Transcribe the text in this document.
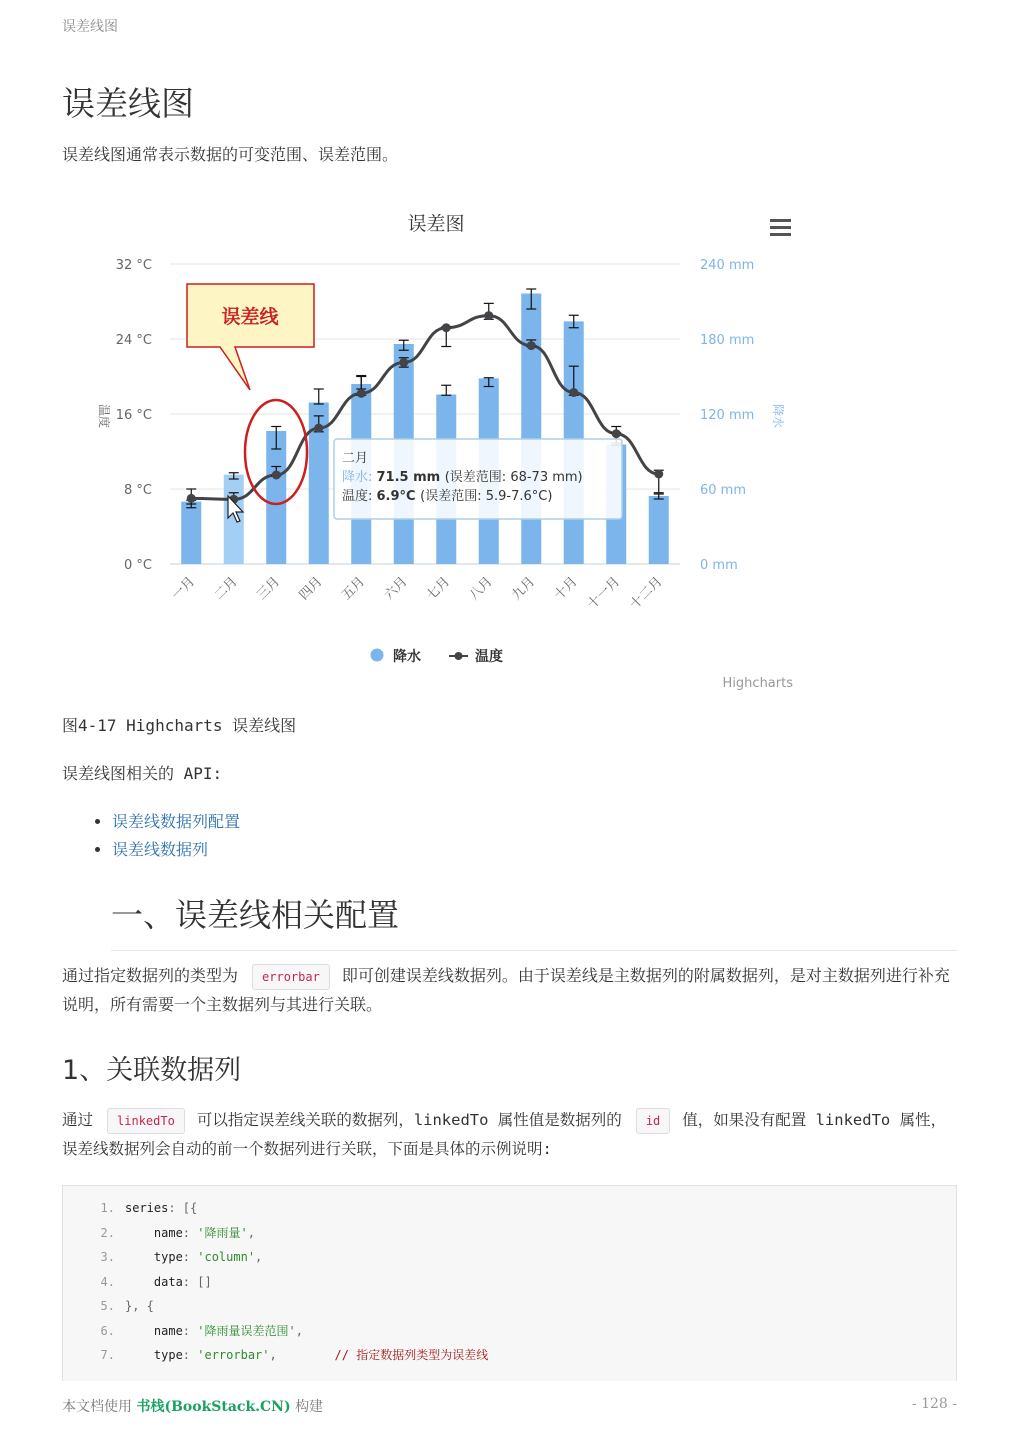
误差线图
误差线图
误差线图通常表示数据的可变范围、误差范围。
误差图
32 °C	240 mm
24 °C	180 mm
16 °C	120 mm
8 °C	60 mm
0 °C	0 mm
温度	降水
一月 二月 三月 四月 五月 六月 七月 八月 九月 十月 十一月 十二月
误差线
二月
降水: 71.5 mm (误差范围: 68-73 mm)
温度: 6.9°C (误差范围: 5.9-7.6°C)
降水	温度
Highcharts
图4-17 Highcharts 误差线图
误差线图相关的 API:
• 误差线数据列配置
• 误差线数据列
一、误差线相关配置
通过指定数据列的类型为 errorbar 即可创建误差线数据列。由于误差线是主数据列的附属数据列，是对主数据列进行补充说明，所有需要一个主数据列与其进行关联。
1、关联数据列
通过 linkedTo 可以指定误差线关联的数据列，linkedTo 属性值是数据列的 id 值，如果没有配置 linkedTo 属性，误差线数据列会自动的前一个数据列进行关联，下面是具体的示例说明:
1. series: [{
2.    name: '降雨量',
3.    type: 'column',
4.    data: []
5. }, {
6.    name: '降雨量误差范围',
7.    type: 'errorbar',        // 指定数据列类型为误差线
本文档使用 书栈(BookStack.CN) 构建	- 128 -
